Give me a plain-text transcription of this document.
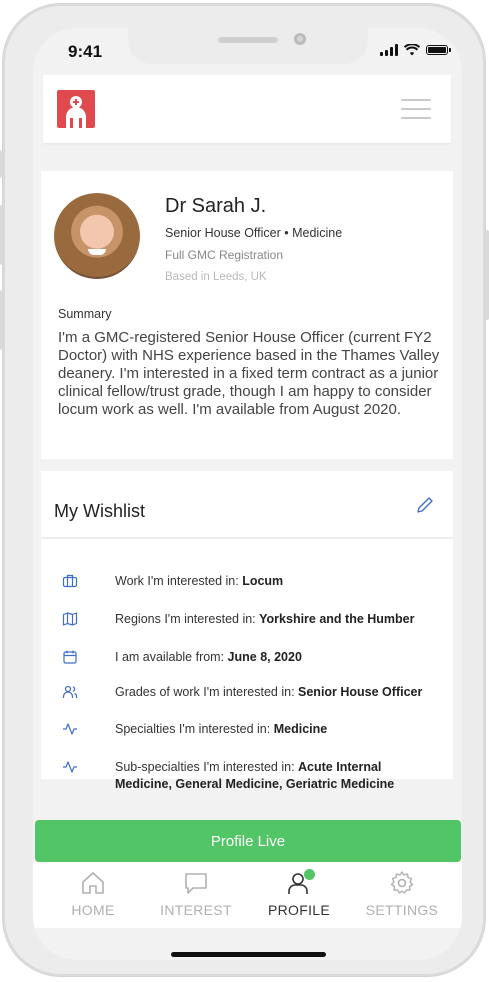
9:41
Dr Sarah J.
Senior House Officer • Medicine
Full GMC Registration
Based in Leeds, UK
Summary
I'm a GMC-registered Senior House Officer (current FY2 Doctor) with NHS experience based in the Thames Valley deanery. I'm interested in a fixed term contract as a junior clinical fellow/trust grade, though I am happy to consider locum work as well. I'm available from August 2020.
My Wishlist
Work I'm interested in: Locum
Regions I'm interested in: Yorkshire and the Humber
I am available from: June 8, 2020
Grades of work I'm interested in: Senior House Officer
Specialties I'm interested in: Medicine
Sub-specialties I'm interested in: Acute Internal Medicine, General Medicine, Geriatric Medicine
Profile Live
HOME	INTEREST	PROFILE	SETTINGS
